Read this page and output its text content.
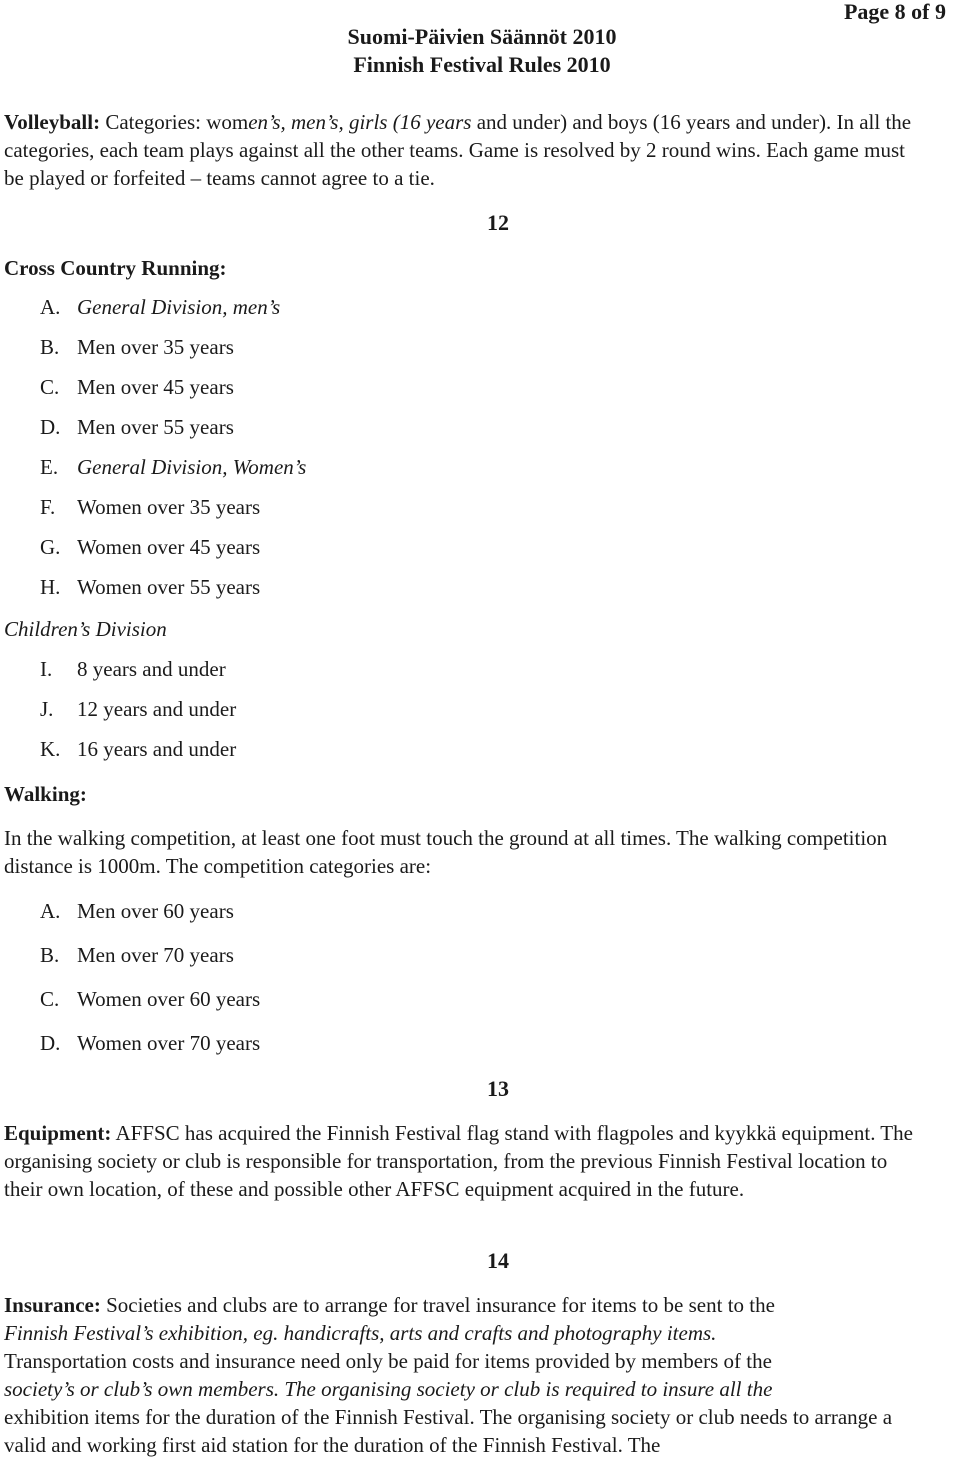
Page 8 of 9
Suomi-Päivien Säännöt 2010
Finnish Festival Rules 2010

Volleyball: Categories: women’s, men’s, girls (16 years and under) and boys (16 years and under). In all the categories, each team plays against all the other teams. Game is resolved by 2 round wins. Each game must be played or forfeited – teams cannot agree to a tie.

12
Cross Country Running:
A. General Division, men’s
B. Men over 35 years
C. Men over 45 years
D. Men over 55 years
E. General Division, Women’s
F. Women over 35 years
G. Women over 45 years
H. Women over 55 years
Children’s Division
I. 8 years and under
J. 12 years and under
K. 16 years and under
Walking:

In the walking competition, at least one foot must touch the ground at all times. The walking competition distance is 1000m. The competition categories are:

A. Men over 60 years
B. Men over 70 years
C. Women over 60 years
D. Women over 70 years
13

Equipment: AFFSC has acquired the Finnish Festival flag stand with flagpoles and kyykkä equipment. The organising society or club is responsible for transportation, from the previous Finnish Festival location to their own location, of these and possible other AFFSC equipment acquired in the future.

14

Insurance: Societies and clubs are to arrange for travel insurance for items to be sent to the
Finnish Festival’s exhibition, eg. handicrafts, arts and crafts and photography items.
Transportation costs and insurance need only be paid for items provided by members of the
society’s or club’s own members. The organising society or club is required to insure all the
exhibition items for the duration of the Finnish Festival. The organising society or club needs to arrange a valid and working first aid station for the duration of the Finnish Festival. The
